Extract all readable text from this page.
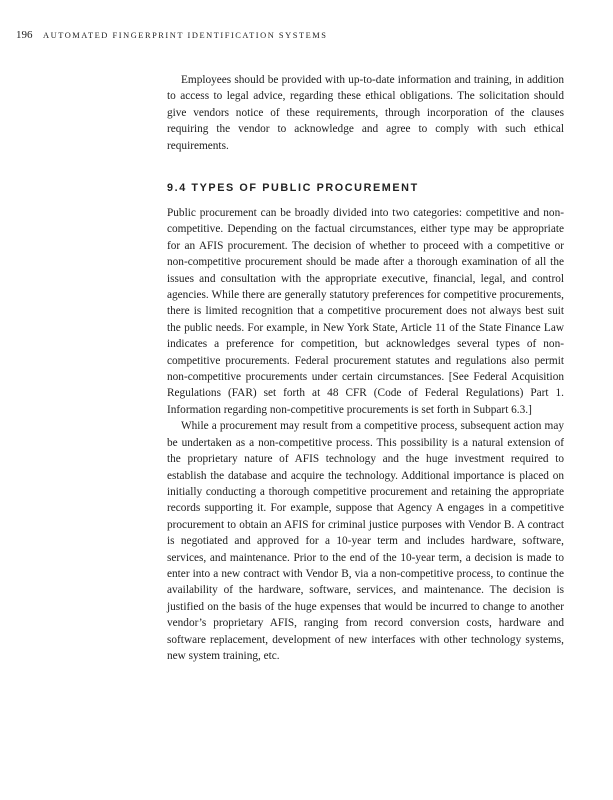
196 AUTOMATED FINGERPRINT IDENTIFICATION SYSTEMS

Employees should be provided with up-to-date information and training, in addition to access to legal advice, regarding these ethical obligations. The solicitation should give vendors notice of these requirements, through incorporation of the clauses requiring the vendor to acknowledge and agree to comply with such ethical requirements.

9.4 TYPES OF PUBLIC PROCUREMENT

Public procurement can be broadly divided into two categories: competitive and non-competitive. Depending on the factual circumstances, either type may be appropriate for an AFIS procurement. The decision of whether to proceed with a competitive or non-competitive procurement should be made after a thorough examination of all the issues and consultation with the appropriate executive, financial, legal, and control agencies. While there are generally statutory preferences for competitive procurements, there is limited recognition that a competitive procurement does not always best suit the public needs. For example, in New York State, Article 11 of the State Finance Law indicates a preference for competition, but acknowledges several types of non-competitive procurements. Federal procurement statutes and regulations also permit non-competitive procurements under certain circumstances. [See Federal Acquisition Regulations (FAR) set forth at 48 CFR (Code of Federal Regulations) Part 1. Information regarding non-competitive procurements is set forth in Subpart 6.3.]

While a procurement may result from a competitive process, subsequent action may be undertaken as a non-competitive process. This possibility is a natural extension of the proprietary nature of AFIS technology and the huge investment required to establish the database and acquire the technology. Additional importance is placed on initially conducting a thorough competitive procurement and retaining the appropriate records supporting it. For example, suppose that Agency A engages in a competitive procurement to obtain an AFIS for criminal justice purposes with Vendor B. A contract is negotiated and approved for a 10-year term and includes hardware, software, services, and maintenance. Prior to the end of the 10-year term, a decision is made to enter into a new contract with Vendor B, via a non-competitive process, to continue the availability of the hardware, software, services, and maintenance. The decision is justified on the basis of the huge expenses that would be incurred to change to another vendor’s proprietary AFIS, ranging from record conversion costs, hardware and software replacement, development of new interfaces with other technology systems, new system training, etc.
